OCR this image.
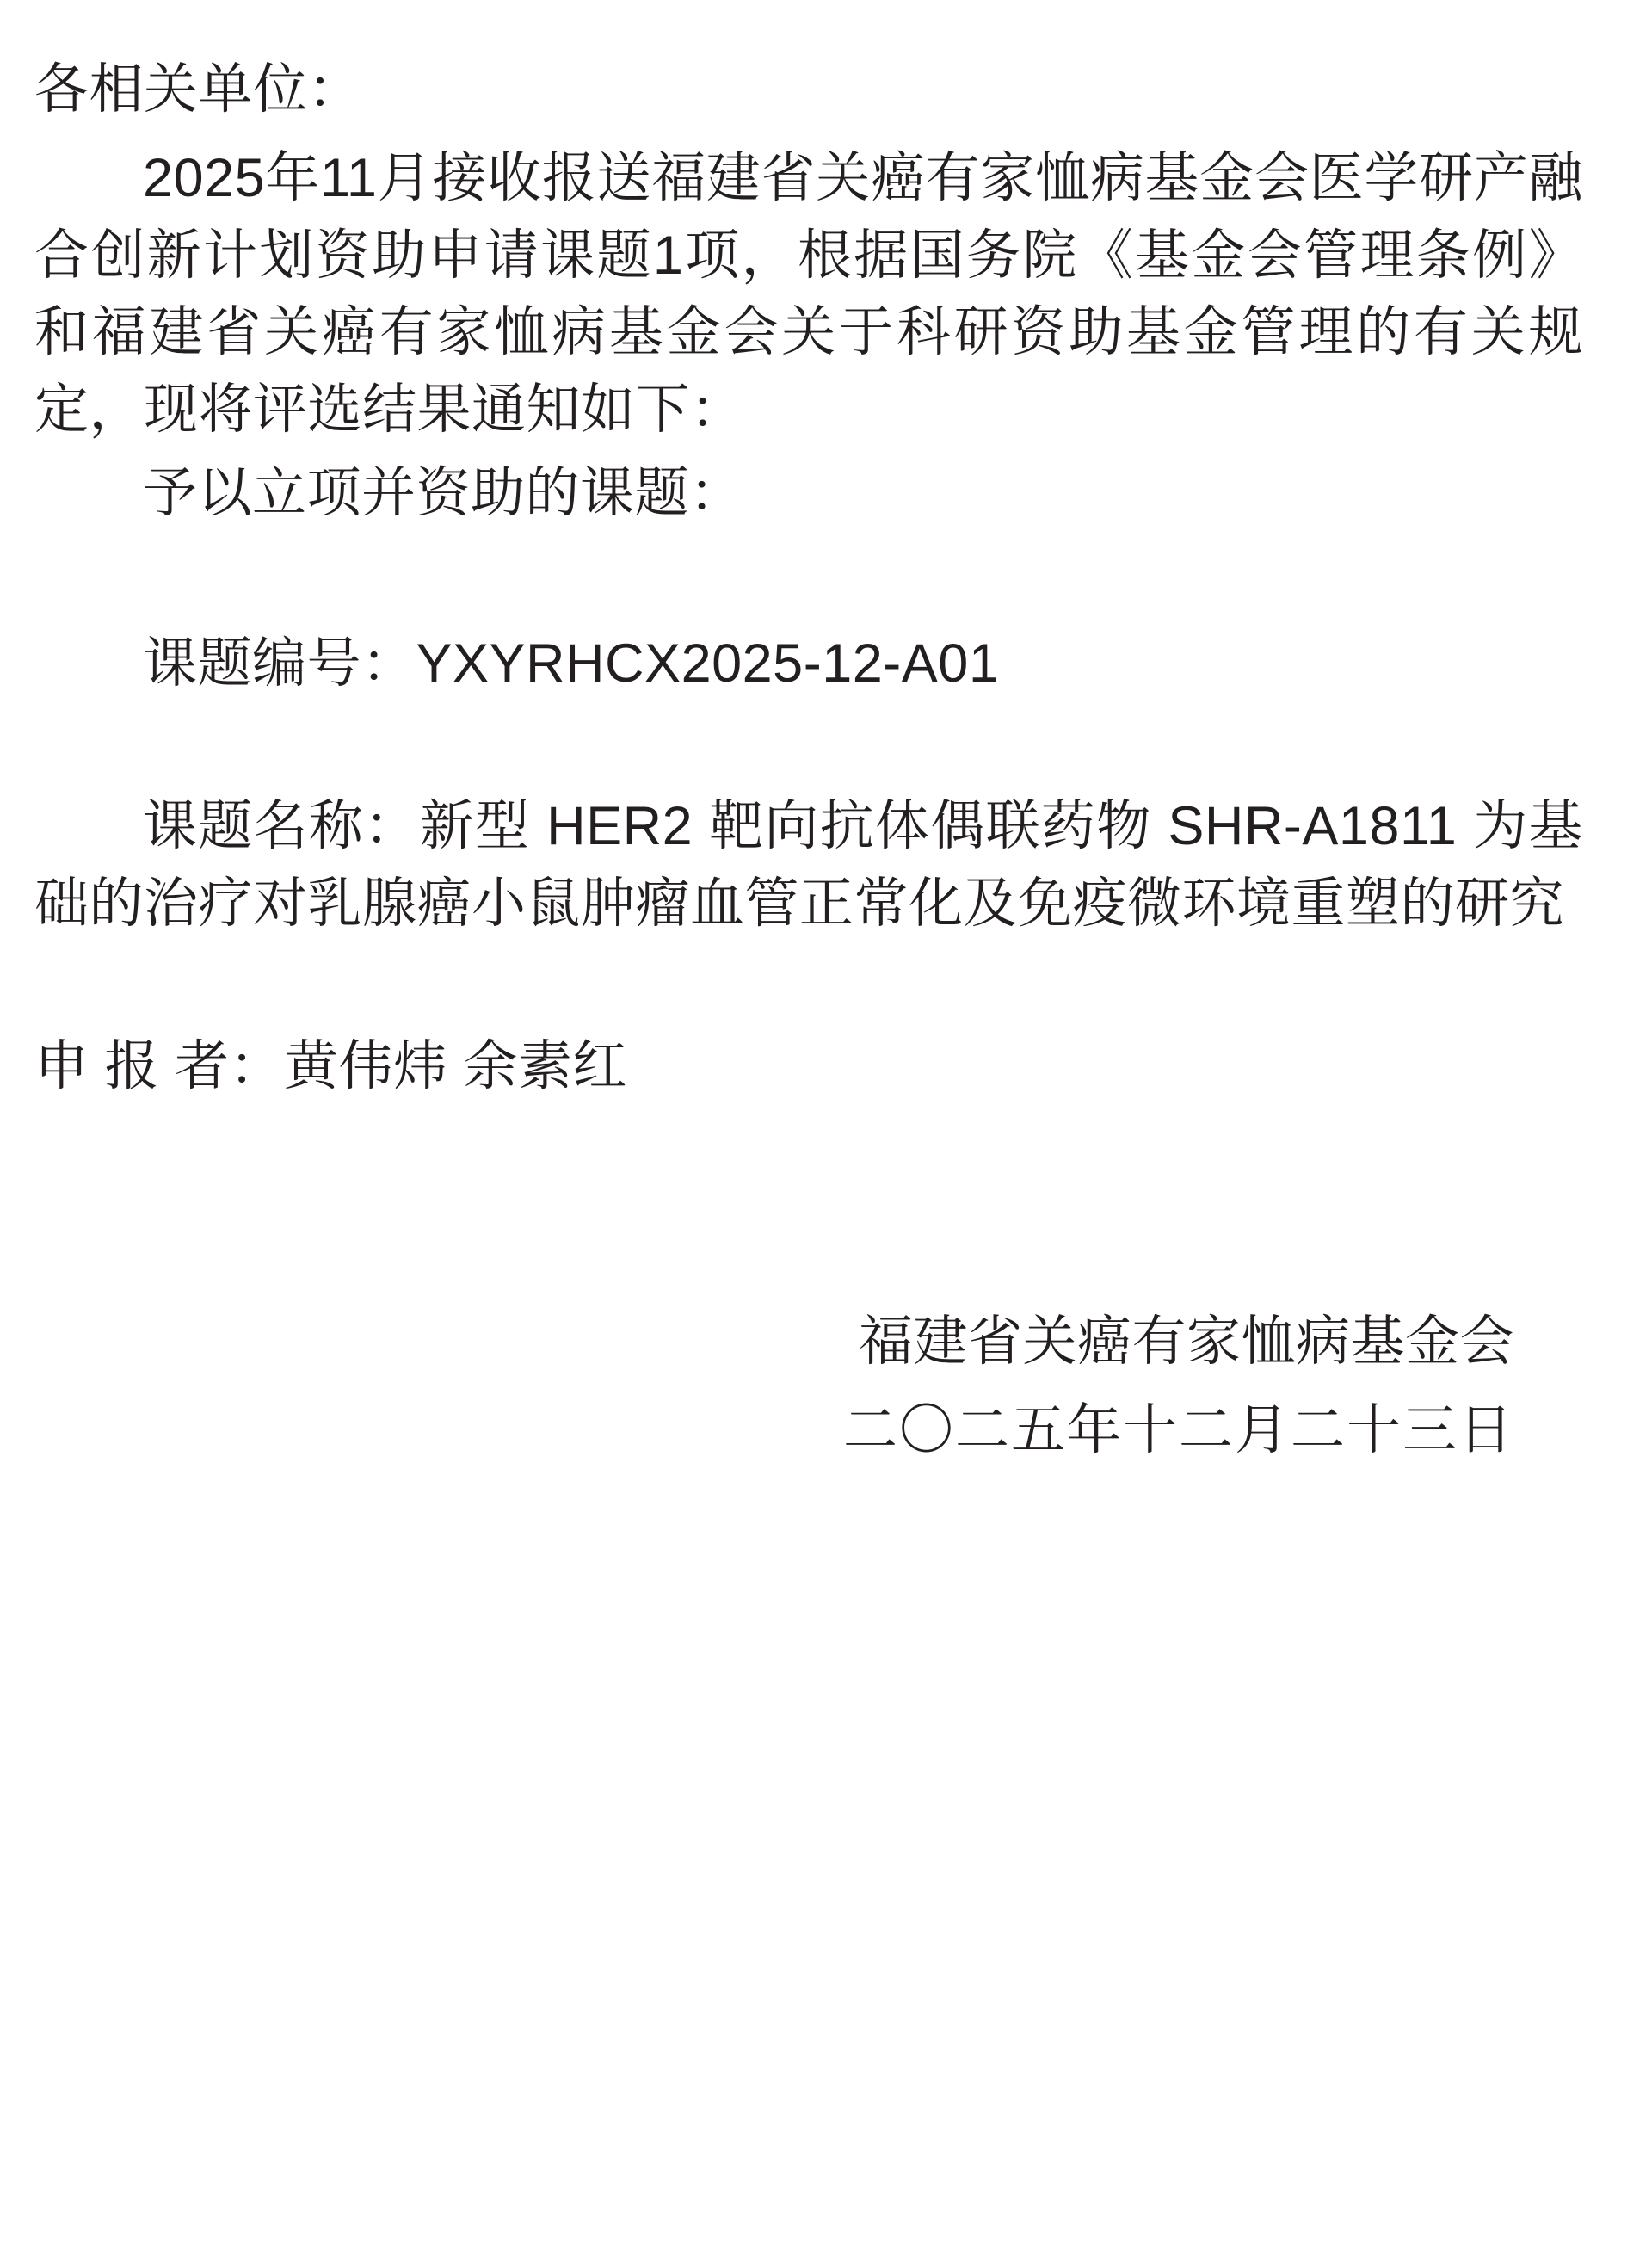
各相关单位：

2025年11月接收报送福建省关癌有家恤病基金会医学研产融合创新计划资助申请课题1项，根据国务院《基金会管理条例》和福建省关癌有家恤病基金会关于科研资助基金管理的有关规定，现将评选结果通知如下：

予以立项并资助的课题：

课题编号：YXYRHCX2025-12-A01

课题名称：新型 HER2 靶向抗体偶联药物 SHR-A1811 为基础的治疗对乳腺癌小鼠肿瘤血管正常化及免疫微环境重塑的研究

申 报 者：黄伟炜 余素红

福建省关癌有家恤病基金会

二〇二五年十二月二十三日
